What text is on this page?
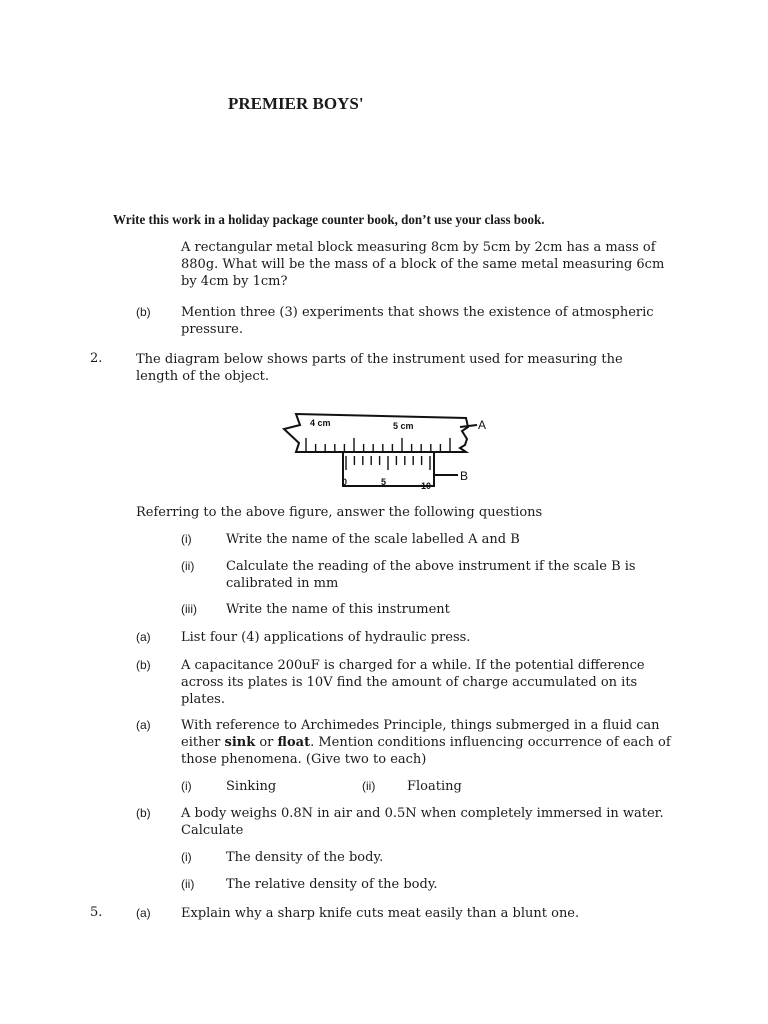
PREMIER BOYS'
Write this work in a holiday package counter book, don’t use your class book.
A rectangular metal block measuring 8cm by 5cm by 2cm has a mass of 880g. What will be the mass of a block of the same metal measuring 6cm by 4cm by 1cm?
(b) Mention three (3) experiments that shows the existence of atmospheric pressure.
2.	The diagram below shows parts of the instrument used for measuring the length of the object.
4 cm	5 cm
0	5	10
A
B
Referring to the above figure, answer the following questions
(i)	Write the name of the scale labelled A and B
(ii) Calculate the reading of the above instrument if the scale B is calibrated in mm
(iii) Write the name of this instrument
(a) List four (4) applications of hydraulic press.
(b) A capacitance 200uF is charged for a while. If the potential difference across its plates is 10V find the amount of charge accumulated on its plates.
(a) With reference to Archimedes Principle, things submerged in a fluid can either sink or float. Mention conditions influencing occurrence of each of those phenomena. (Give two to each)
(i)	Sinking	(ii) Floating
(b) A body weighs 0.8N in air and 0.5N when completely immersed in water. Calculate
(i)	The density of the body.
(ii) The relative density of the body.
5.	(a) Explain why a sharp knife cuts meat easily than a blunt one.
